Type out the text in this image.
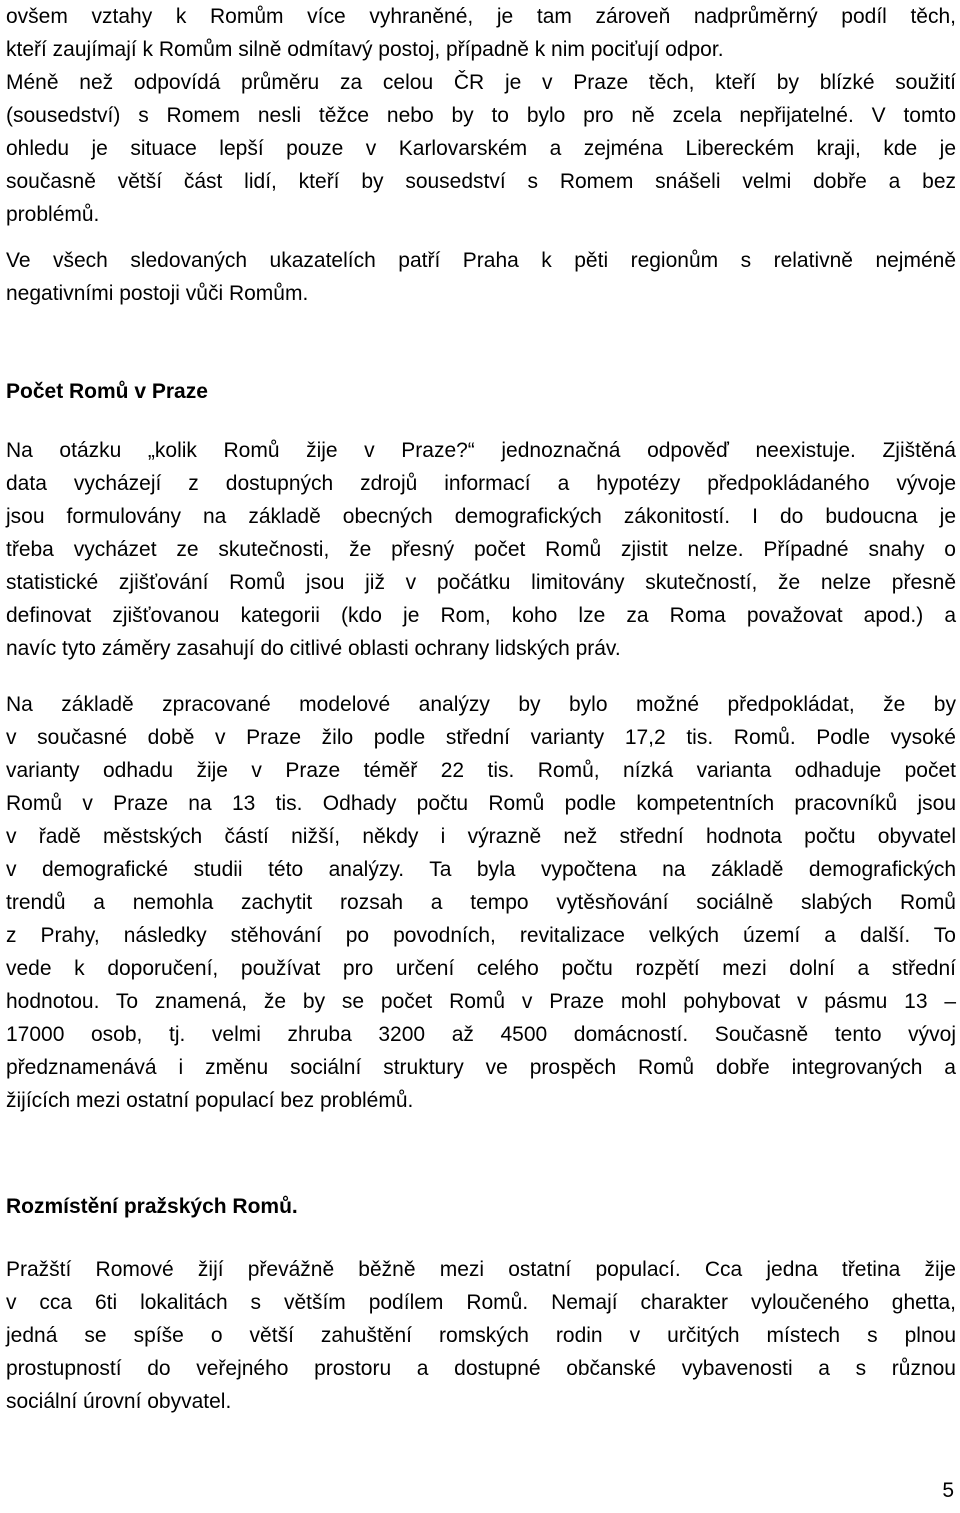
ovšem vztahy k Romům více vyhraněné, je tam zároveň nadprůměrný podíl těch,
kteří zaujímají k Romům silně odmítavý postoj, případně k nim pociťují odpor.
Méně než odpovídá průměru za celou ČR je v Praze těch, kteří by blízké soužití
(sousedství) s Romem nesli těžce nebo by to bylo pro ně zcela nepřijatelné. V tomto
ohledu je situace lepší pouze v Karlovarském a zejména Libereckém kraji, kde je
současně větší část lidí, kteří by sousedství s Romem snášeli velmi dobře a bez
problémů.
Ve všech sledovaných ukazatelích patří Praha k pěti regionům s relativně nejméně
negativními postoji vůči Romům.
Počet Romů v Praze
Na otázku „kolik Romů žije v Praze?“ jednoznačná odpověď neexistuje. Zjištěná
data vycházejí z dostupných zdrojů informací a hypotézy předpokládaného vývoje
jsou formulovány na základě obecných demografických zákonitostí. I do budoucna je
třeba vycházet ze skutečnosti, že přesný počet Romů zjistit nelze. Případné snahy o
statistické zjišťování Romů jsou již v počátku limitovány skutečností, že nelze přesně
definovat zjišťovanou kategorii (kdo je Rom, koho lze za Roma považovat apod.) a
navíc tyto záměry zasahují do citlivé oblasti ochrany lidských práv.
Na základě zpracované modelové analýzy by bylo možné předpokládat, že by
v současné době v Praze žilo podle střední varianty 17,2 tis. Romů. Podle vysoké
varianty odhadu žije v Praze téměř 22 tis. Romů, nízká varianta odhaduje počet
Romů v Praze na 13 tis. Odhady počtu Romů podle kompetentních pracovníků jsou
v řadě městských částí nižší, někdy i výrazně než střední hodnota počtu obyvatel
v demografické studii této analýzy. Ta byla vypočtena na základě demografických
trendů a nemohla zachytit rozsah a tempo vytěsňování sociálně slabých Romů
z Prahy, následky stěhování po povodních, revitalizace velkých území a další. To
vede k doporučení, používat pro určení celého počtu rozpětí mezi dolní a střední
hodnotou. To znamená, že by se počet Romů v Praze mohl pohybovat v pásmu 13 –
17000 osob, tj. velmi zhruba 3200 až 4500 domácností. Současně tento vývoj
předznamenává i změnu sociální struktury ve prospěch Romů dobře integrovaných a
žijících mezi ostatní populací bez problémů.
Rozmístění pražských Romů.
Pražští Romové žijí převážně běžně mezi ostatní populací. Cca jedna třetina žije
v cca 6ti lokalitách s větším podílem Romů. Nemají charakter vyloučeného ghetta,
jedná se spíše o větší zahuštění romských rodin v určitých místech s plnou
prostupností do veřejného prostoru a dostupné občanské vybavenosti a s různou
sociální úrovní obyvatel.
5
